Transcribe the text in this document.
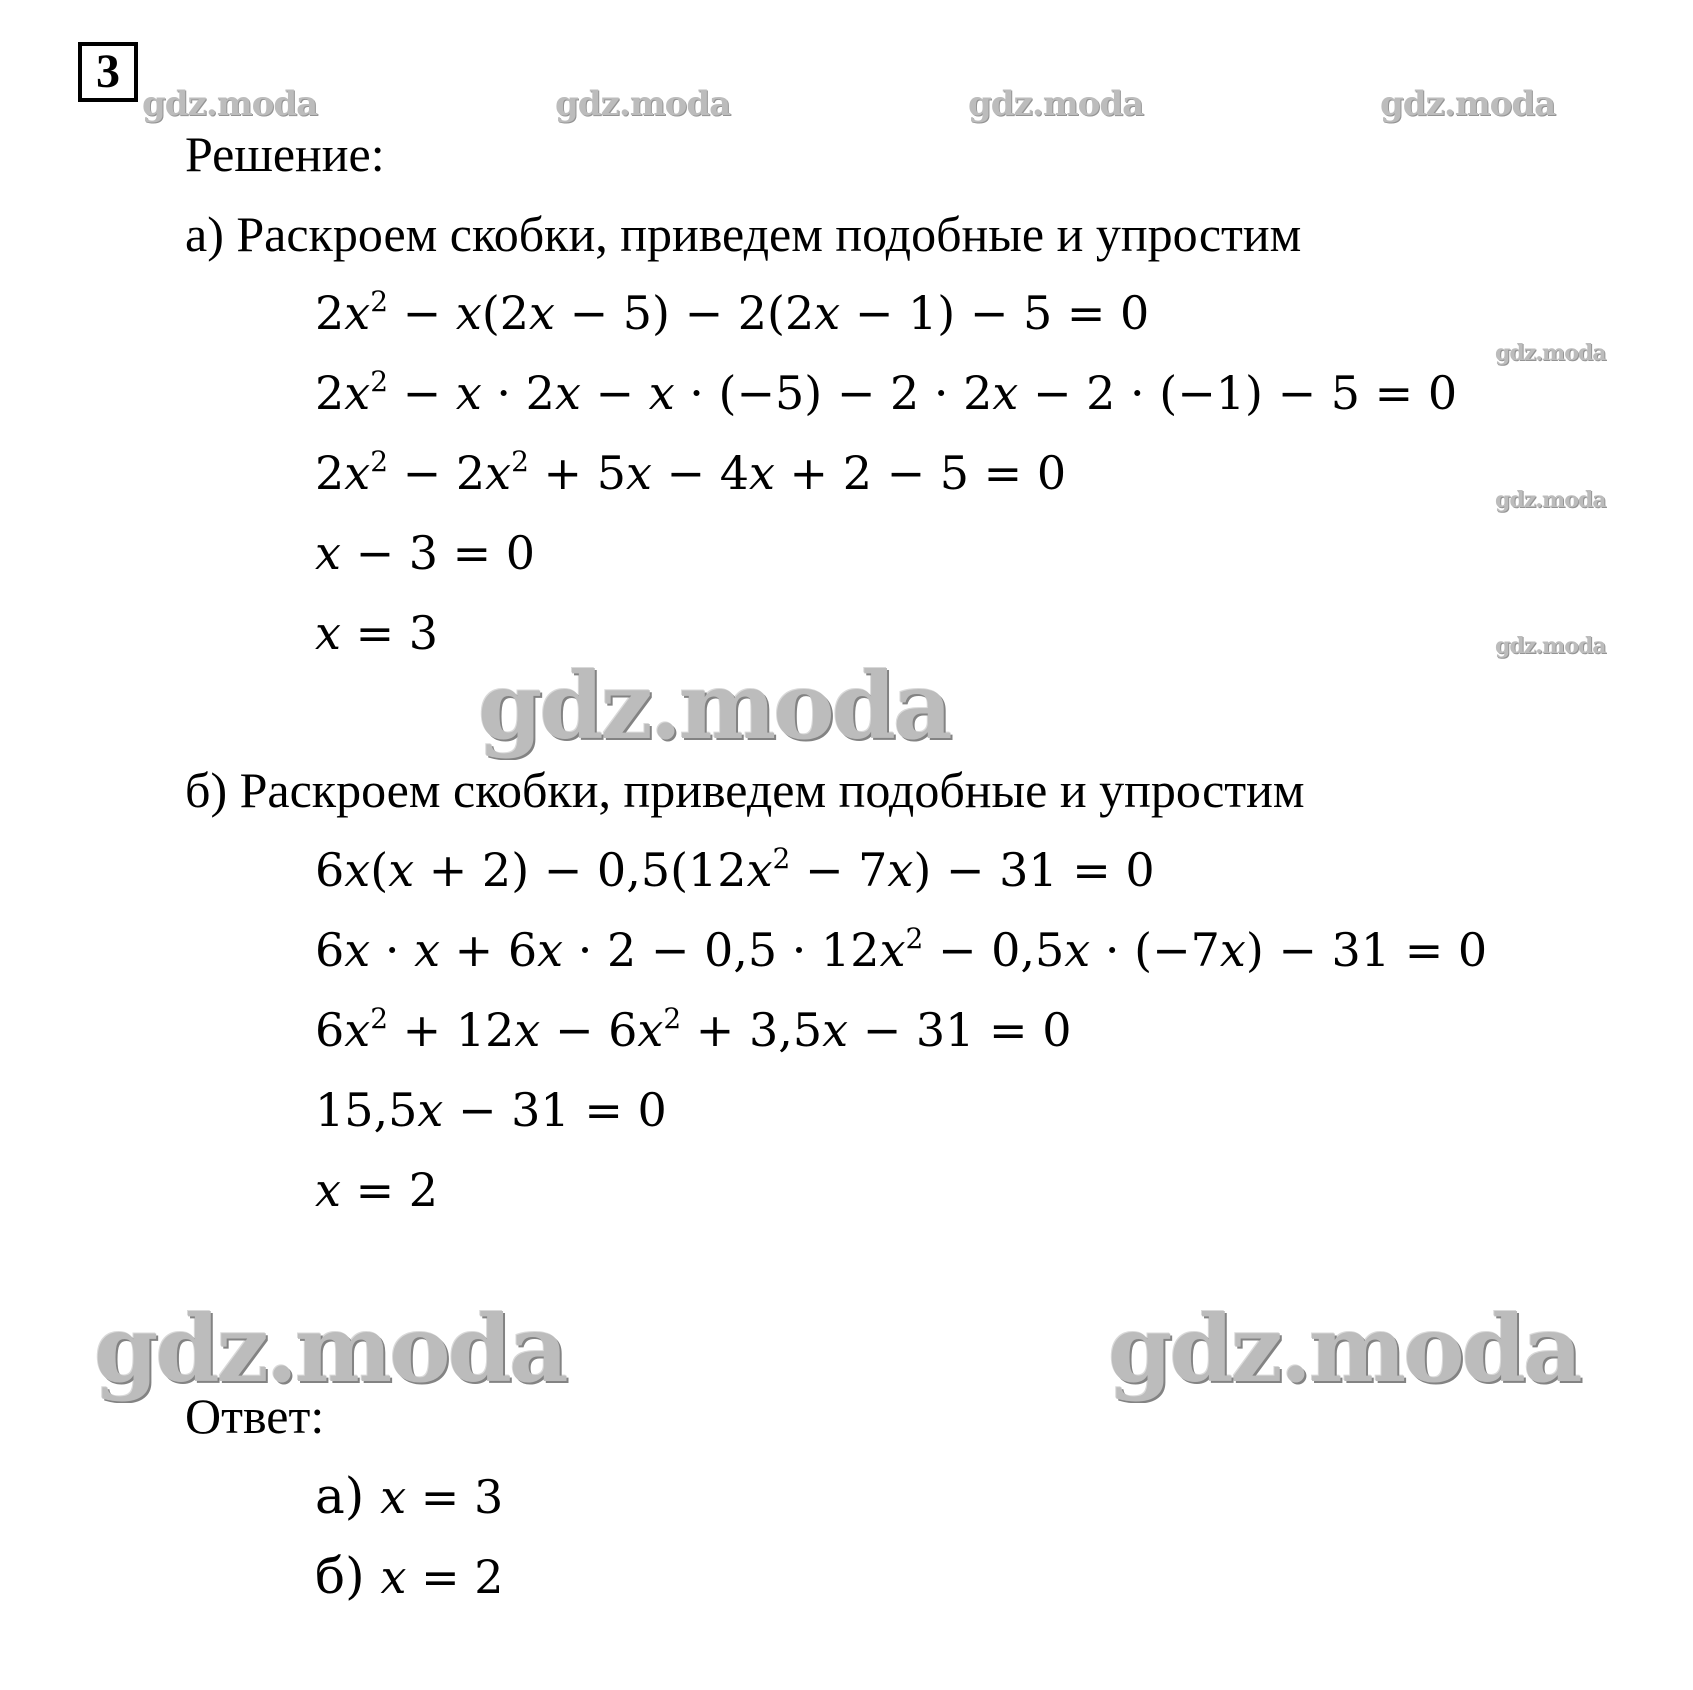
3
gdz.moda	gdz.moda	gdz.moda	gdz.moda
gdz.moda
gdz.moda
gdz.moda
gdz.moda
gdz.moda	gdz.moda
Решение:
а) Раскроем скобки, приведем подобные и упростим
$2x^2 - x(2x - 5) - 2(2x - 1) - 5 = 0$
$2x^2 - x \cdot 2x - x \cdot (-5) - 2 \cdot 2x - 2 \cdot (-1) - 5 = 0$
$2x^2 - 2x^2 + 5x - 4x + 2 - 5 = 0$
x − 3 = 0
x = 3
б) Раскроем скобки, приведем подобные и упростим
$6x(x + 2) - 0,5(12x^2 - 7x) - 31 = 0$
$6x \cdot x + 6x \cdot 2 - 0,5 \cdot 12x^2 - 0,5x \cdot (-7x) - 31 = 0$
$6x^2 + 12x - 6x^2 + 3,5x - 31 = 0$
15,5x − 31 = 0
x = 2
Ответ:
а) x = 3
б) x = 2
